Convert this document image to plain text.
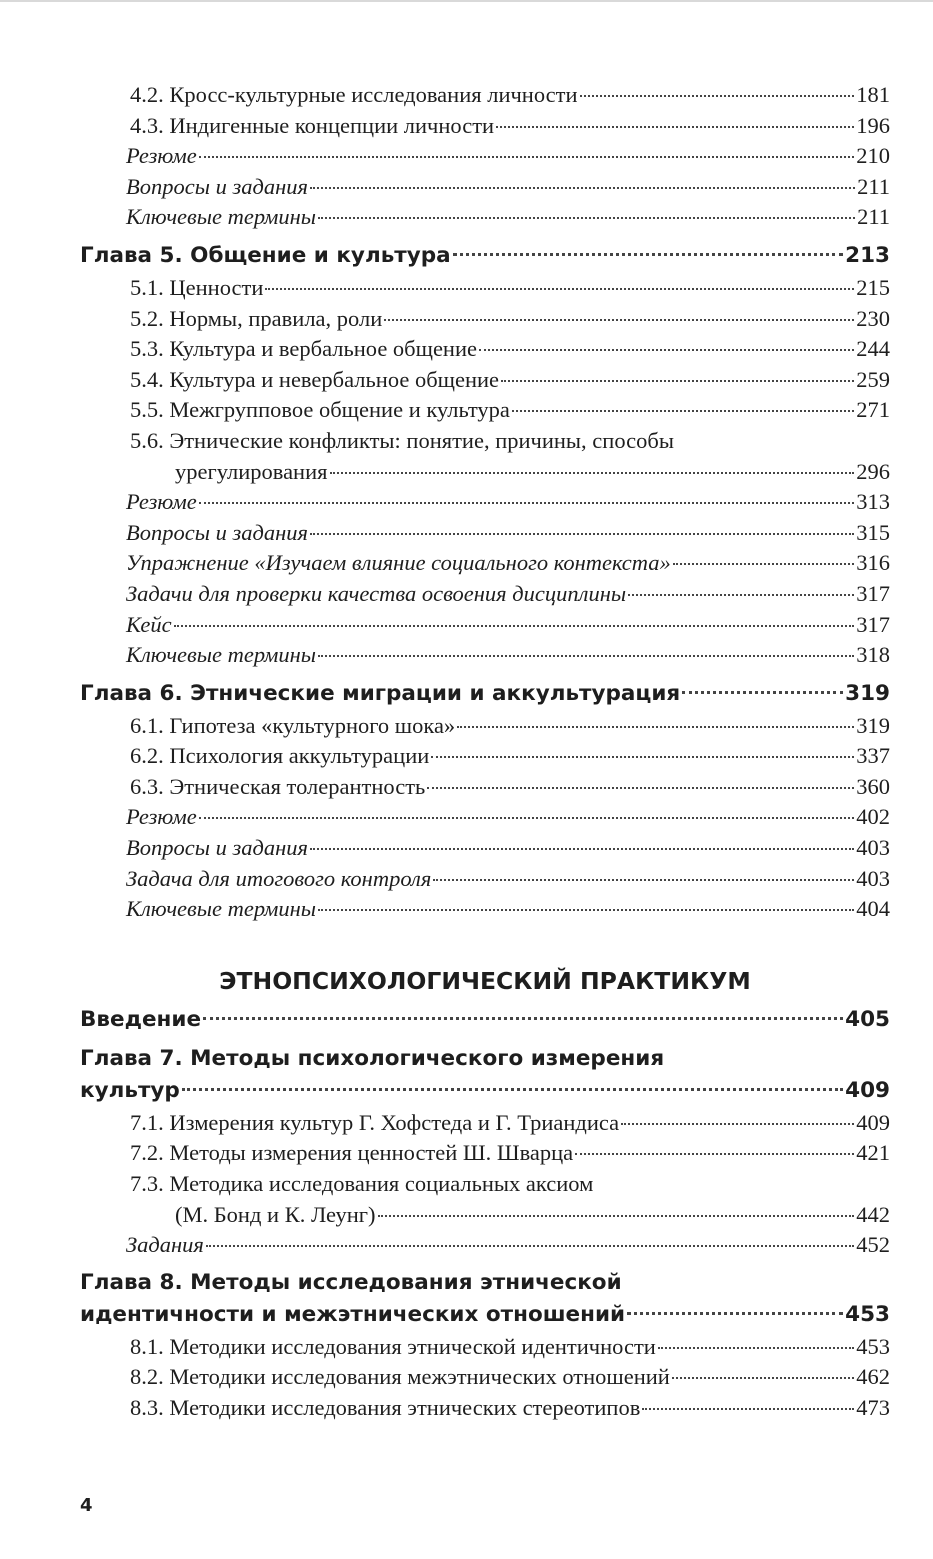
4.2. Кросс-культурные исследования личности	181
4.3. Индигенные концепции личности	196
Резюме	210
Вопросы и задания	211
Ключевые термины	211
Глава 5. Общение и культура	213
5.1. Ценности	215
5.2. Нормы, правила, роли	230
5.3. Культура и вербальное общение	244
5.4. Культура и невербальное общение	259
5.5. Межгрупповое общение и культура	271
5.6. Этнические конфликты: понятие, причины, способы
урегулирования	296
Резюме	313
Вопросы и задания	315
Упражнение «Изучаем влияние социального контекста»	316
Задачи для проверки качества освоения дисциплины	317
Кейс	317
Ключевые термины	318
Глава 6. Этнические миграции и аккультурация	319
6.1. Гипотеза «культурного шока»	319
6.2. Психология аккультурации	337
6.3. Этническая толерантность	360
Резюме	402
Вопросы и задания	403
Задача для итогового контроля	403
Ключевые термины	404
ЭТНОПСИХОЛОГИЧЕСКИЙ ПРАКТИКУМ
Введение	405
Глава 7. Методы психологического измерения
культур	409
7.1. Измерения культур Г. Хофстеда и Г. Триандиса	409
7.2. Методы измерения ценностей Ш. Шварца	421
7.3. Методика исследования социальных аксиом
(М. Бонд и К. Леунг)	442
Задания	452
Глава 8. Методы исследования этнической
идентичности и межэтнических отношений	453
8.1. Методики исследования этнической идентичности	453
8.2. Методики исследования межэтнических отношений	462
8.3. Методики исследования этнических стереотипов	473
4
